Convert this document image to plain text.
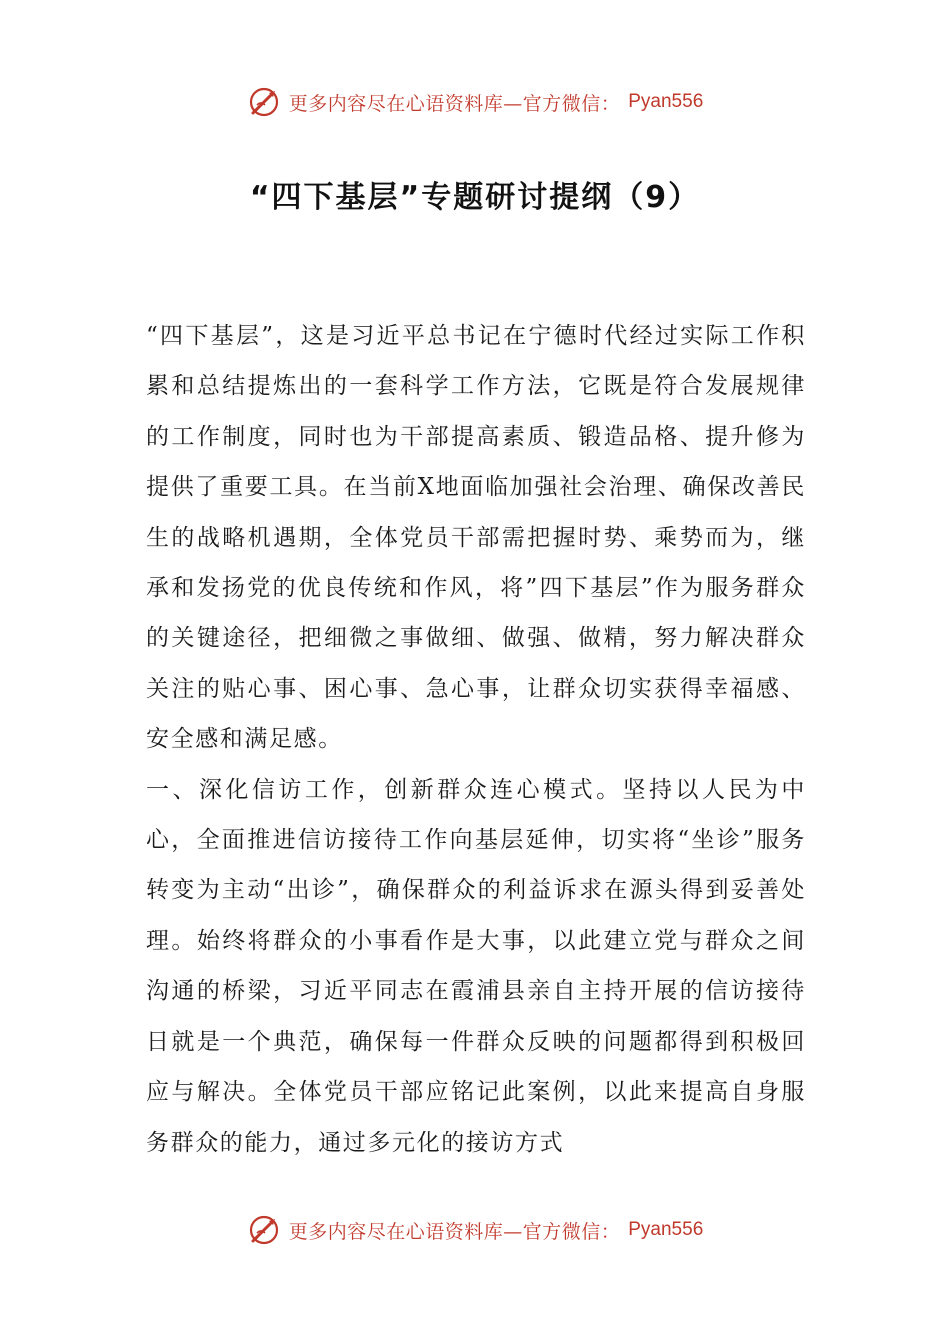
更多内容尽在心语资料库—官方微信： Pyan556
“四下基层”专题研讨提纲（9）

“四下基层”，这是习近平总书记在宁德时代经过实际工作积累和总结提炼出的一套科学工作方法，它既是符合发展规律的工作制度，同时也为干部提高素质、锻造品格、提升修为提供了重要工具。在当前X地面临加强社会治理、确保改善民生的战略机遇期，全体党员干部需把握时势、乘势而为，继承和发扬党的优良传统和作风，将”四下基层”作为服务群众的关键途径，把细微之事做细、做强、做精，努力解决群众关注的贴心事、困心事、急心事，让群众切实获得幸福感、安全感和满足感。

一、深化信访工作，创新群众连心模式。坚持以人民为中心，全面推进信访接待工作向基层延伸，切实将“坐诊”服务转变为主动“出诊”，确保群众的利益诉求在源头得到妥善处理。始终将群众的小事看作是大事，以此建立党与群众之间沟通的桥梁，习近平同志在霞浦县亲自主持开展的信访接待日就是一个典范，确保每一件群众反映的问题都得到积极回应与解决。全体党员干部应铭记此案例，以此来提高自身服务群众的能力，通过多元化的接访方式

更多内容尽在心语资料库—官方微信： Pyan556
